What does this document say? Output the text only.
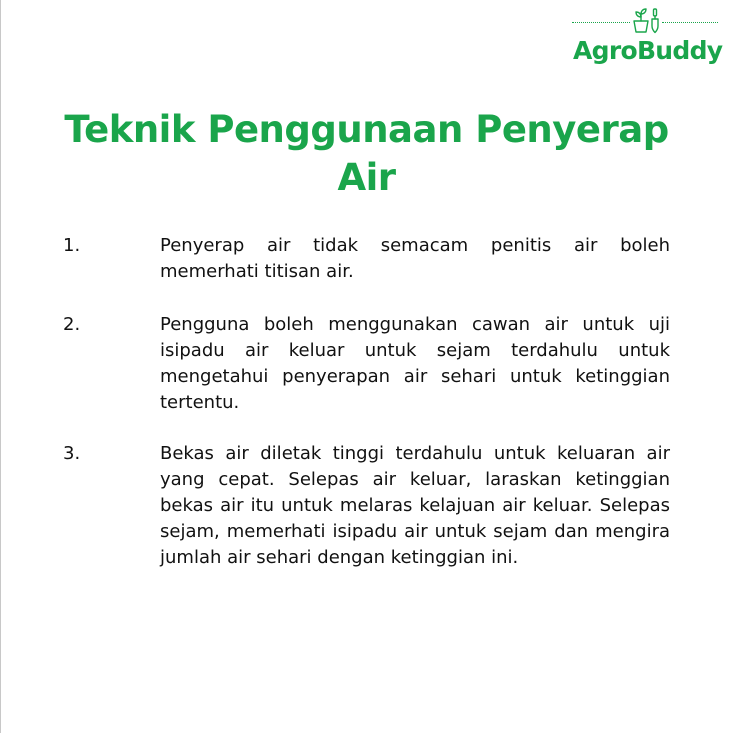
AgroBuddy
Teknik Penggunaan Penyerap Air
1.	Penyerap air tidak semacam penitis air boleh memerhati titisan air.

2.	Pengguna boleh menggunakan cawan air untuk uji isipadu air keluar untuk sejam terdahulu untuk mengetahui penyerapan air sehari untuk ketinggian tertentu.

3.	Bekas air diletak tinggi terdahulu untuk keluaran air yang cepat. Selepas air keluar, laraskan ketinggian bekas air itu untuk melaras kelajuan air keluar. Selepas sejam, memerhati isipadu air untuk sejam dan mengira jumlah air sehari dengan ketinggian ini.
